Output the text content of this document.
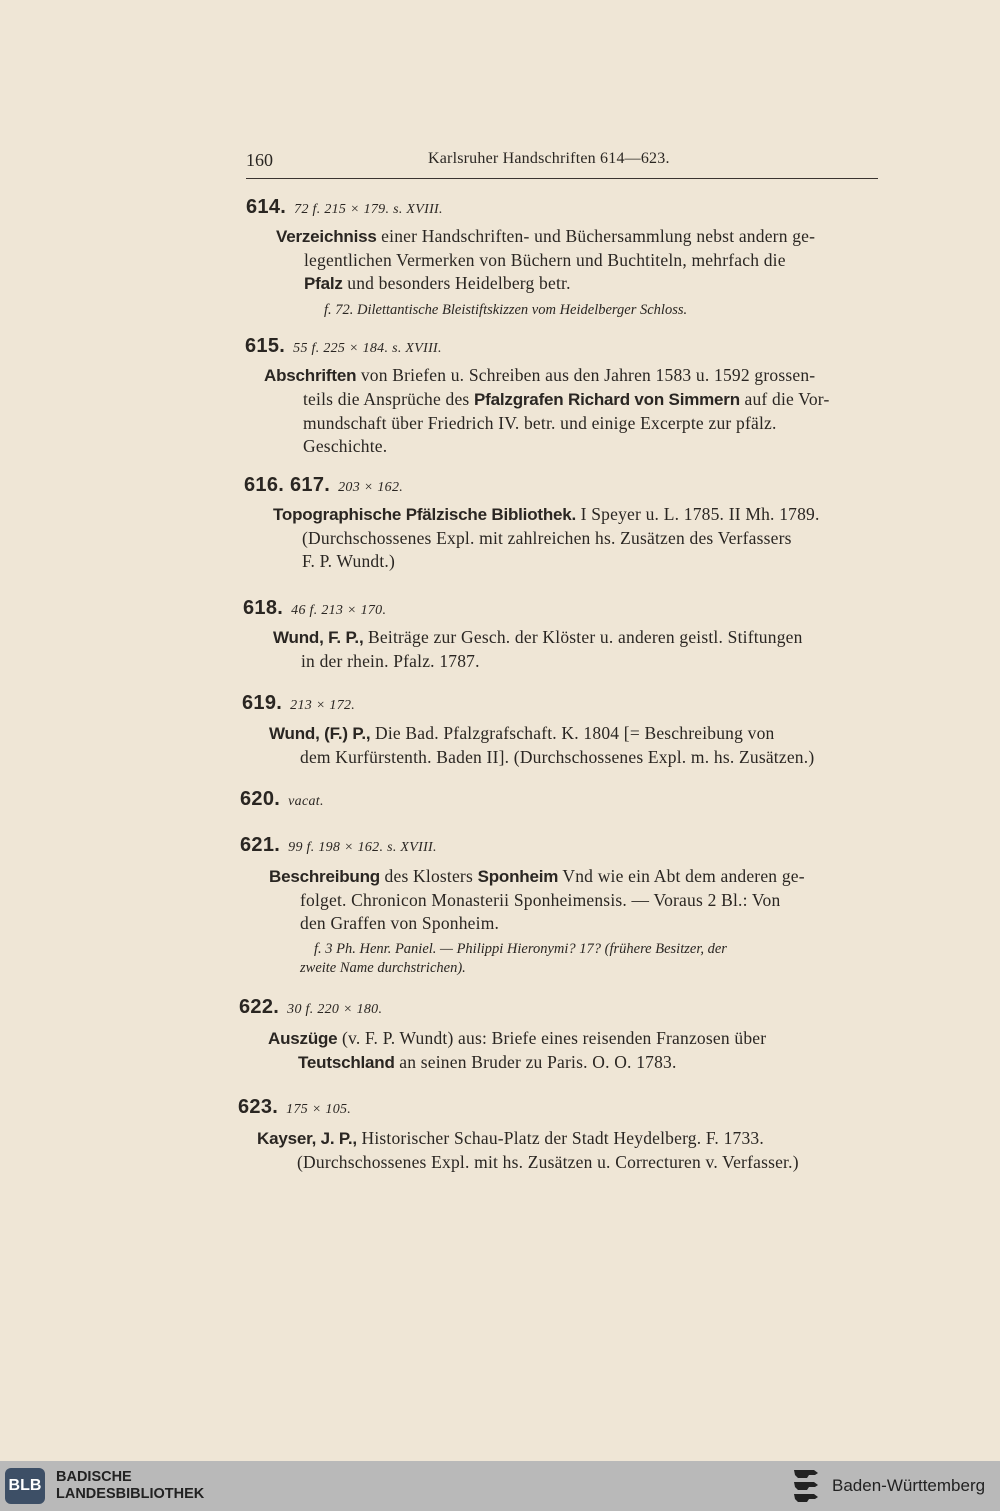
160	Karlsruher Handschriften 614—623.
614. 72 f. 215 × 179. s. XVIII.
Verzeichniss einer Handschriften- und Büchersammlung nebst andern ge-
legentlichen Vermerken von Büchern und Buchtiteln, mehrfach die
Pfalz und besonders Heidelberg betr.
f. 72. Dilettantische Bleistiftskizzen vom Heidelberger Schloss.
615. 55 f. 225 × 184. s. XVIII.
Abschriften von Briefen u. Schreiben aus den Jahren 1583 u. 1592 grossen-
teils die Ansprüche des Pfalzgrafen Richard von Simmern auf die Vor-
mundschaft über Friedrich IV. betr. und einige Excerpte zur pfälz.
Geschichte.
616. 617. 203 × 162.
Topographische Pfälzische Bibliothek. I Speyer u. L. 1785. II Mh. 1789.
(Durchschossenes Expl. mit zahlreichen hs. Zusätzen des Verfassers
F. P. Wundt.)
618. 46 f. 213 × 170.
Wund, F. P., Beiträge zur Gesch. der Klöster u. anderen geistl. Stiftungen
in der rhein. Pfalz. 1787.
619. 213 × 172.
Wund, (F.) P., Die Bad. Pfalzgrafschaft. K. 1804 [= Beschreibung von
dem Kurfürstenth. Baden II]. (Durchschossenes Expl. m. hs. Zusätzen.)
620. vacat.
621. 99 f. 198 × 162. s. XVIII.
Beschreibung des Klosters Sponheim Vnd wie ein Abt dem anderen ge-
folget. Chronicon Monasterii Sponheimensis. — Voraus 2 Bl.: Von
den Graffen von Sponheim.
f. 3 Ph. Henr. Paniel. — Philippi Hieronymi? 17? (frühere Besitzer, der
zweite Name durchstrichen).
622. 30 f. 220 × 180.
Auszüge (v. F. P. Wundt) aus: Briefe eines reisenden Franzosen über
Teutschland an seinen Bruder zu Paris. O. O. 1783.
623. 175 × 105.
Kayser, J. P., Historischer Schau-Platz der Stadt Heydelberg. F. 1733.
(Durchschossenes Expl. mit hs. Zusätzen u. Correcturen v. Verfasser.)
BLB BADISCHE
LANDESBIBLIOTHEK	Baden-Württemberg
